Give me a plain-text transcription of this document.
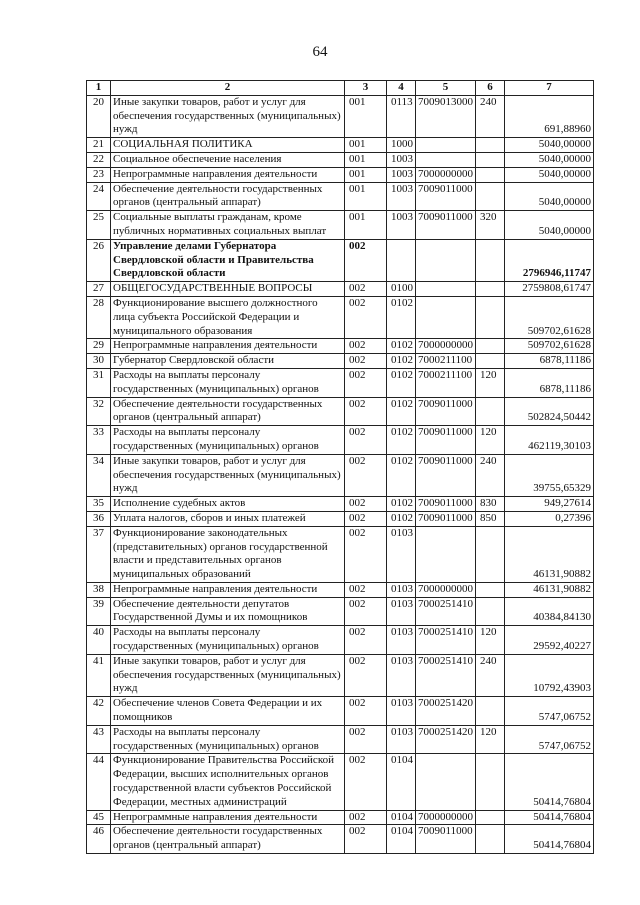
64
1	2	3	4	5	6	7
20	Иные закупки товаров, работ и услуг для обеспечения государственных (муниципальных) нужд	001	0113	7009013000	240	691,88960
21	СОЦИАЛЬНАЯ ПОЛИТИКА	001	1000			5040,00000
22	Социальное обеспечение населения	001	1003			5040,00000
23	Непрограммные направления деятельности	001	1003	7000000000		5040,00000
24	Обеспечение деятельности государственных органов (центральный аппарат)	001	1003	7009011000		5040,00000
25	Социальные выплаты гражданам, кроме публичных нормативных социальных выплат	001	1003	7009011000	320	5040,00000
26	Управление делами Губернатора Свердловской области и Правительства Свердловской области	002				2796946,11747
27	ОБЩЕГОСУДАРСТВЕННЫЕ ВОПРОСЫ	002	0100			2759808,61747
28	Функционирование высшего должностного лица субъекта Российской Федерации и муниципального образования	002	0102			509702,61628
29	Непрограммные направления деятельности	002	0102	7000000000		509702,61628
30	Губернатор Свердловской области	002	0102	7000211100		6878,11186
31	Расходы на выплаты персоналу государственных (муниципальных) органов	002	0102	7000211100	120	6878,11186
32	Обеспечение деятельности государственных органов (центральный аппарат)	002	0102	7009011000		502824,50442
33	Расходы на выплаты персоналу государственных (муниципальных) органов	002	0102	7009011000	120	462119,30103
34	Иные закупки товаров, работ и услуг для обеспечения государственных (муниципальных) нужд	002	0102	7009011000	240	39755,65329
35	Исполнение судебных актов	002	0102	7009011000	830	949,27614
36	Уплата налогов, сборов и иных платежей	002	0102	7009011000	850	0,27396
37	Функционирование законодательных (представительных) органов государственной власти и представительных органов муниципальных образований	002	0103			46131,90882
38	Непрограммные направления деятельности	002	0103	7000000000		46131,90882
39	Обеспечение деятельности депутатов Государственной Думы и их помощников	002	0103	7000251410		40384,84130
40	Расходы на выплаты персоналу государственных (муниципальных) органов	002	0103	7000251410	120	29592,40227
41	Иные закупки товаров, работ и услуг для обеспечения государственных (муниципальных) нужд	002	0103	7000251410	240	10792,43903
42	Обеспечение членов Совета Федерации и их помощников	002	0103	7000251420		5747,06752
43	Расходы на выплаты персоналу государственных (муниципальных) органов	002	0103	7000251420	120	5747,06752
44	Функционирование Правительства Российской Федерации, высших исполнительных органов государственной власти субъектов Российской Федерации, местных администраций	002	0104			50414,76804
45	Непрограммные направления деятельности	002	0104	7000000000		50414,76804
46	Обеспечение деятельности государственных органов (центральный аппарат)	002	0104	7009011000		50414,76804
